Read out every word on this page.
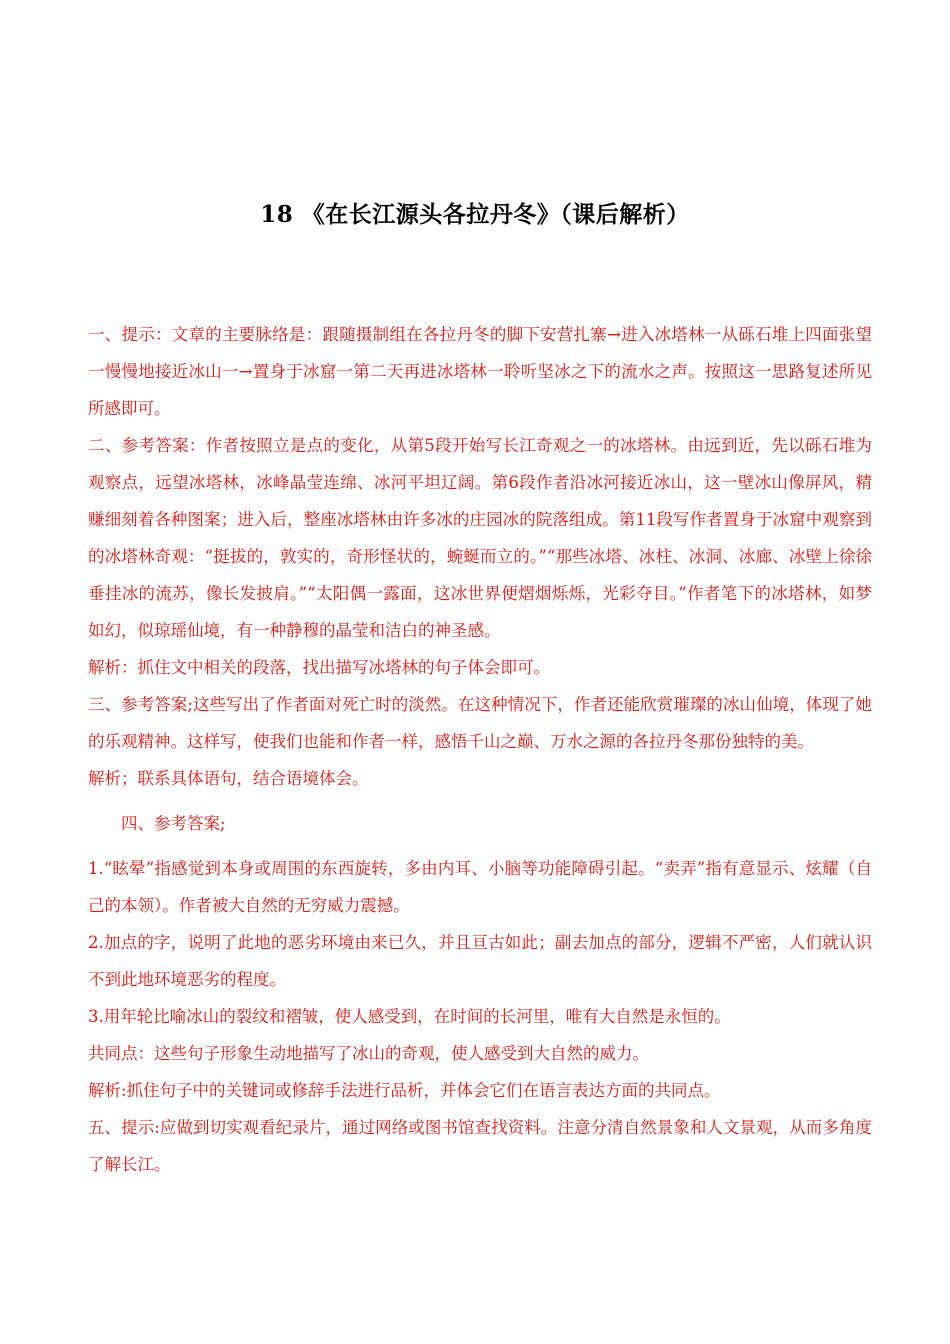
18 《在长江源头各拉丹冬》（课后解析）

一、提示：文章的主要脉络是：跟随摄制组在各拉丹冬的脚下安营扎寨→进入冰塔林一从砾石堆上四面张望一慢慢地接近冰山一→置身于冰窟一第二天再进冰塔林一聆听坚冰之下的流水之声。按照这一思路复述所见所感即可。

二、参考答案：作者按照立是点的变化，从第5段开始写长江奇观之一的冰塔林。由远到近，先以砾石堆为观察点，远望冰塔林，冰峰晶莹连绵、冰河平坦辽阔。第6段作者沿冰河接近冰山，这一壁冰山像屏风，精赚细刻着各种图案；进入后，整座冰塔林由许多冰的庄园冰的院落组成。第11段写作者置身于冰窟中观察到的冰塔林奇观：“挺拔的，敦实的，奇形怪状的，蜿蜒而立的。”“那些冰塔、冰柱、冰洞、冰廊、冰壁上徐徐垂挂冰的流苏，像长发披肩。”“太阳偶一露面，这冰世界便熠烟烁烁，光彩夺目。”作者笔下的冰塔林，如梦如幻，似琼瑶仙境，有一种静穆的晶莹和洁白的神圣感。

解析：抓住文中相关的段落，找出描写冰塔林的句子体会即可。

三、参考答案;这些写出了作者面对死亡时的淡然。在这种情况下，作者还能欣赏璀璨的冰山仙境，体现了她的乐观精神。这样写，使我们也能和作者一样，感悟千山之巅、万水之源的各拉丹冬那份独特的美。

解析；联系具体语句，结合语境体会。

四、参考答案;

1.“眩晕”指感觉到本身或周围的东西旋转，多由内耳、小脑等功能障碍引起。“卖弄”指有意显示、炫耀（自己的本领）。作者被大自然的无穷威力震撼。

2.加点的字，说明了此地的恶劣环境由来已久，并且亘古如此；副去加点的部分，逻辑不严密，人们就认识不到此地环境恶劣的程度。

3.用年轮比喻冰山的裂纹和褶皱，使人感受到，在时间的长河里，唯有大自然是永恒的。

共同点：这些句子形象生动地描写了冰山的奇观，使人感受到大自然的威力。

解析:抓住句子中的关键词或修辞手法进行品析，并体会它们在语言表达方面的共同点。

五、提示:应做到切实观看纪录片，通过网络或图书馆查找资料。注意分清自然景象和人文景观，从而多角度了解长江。
